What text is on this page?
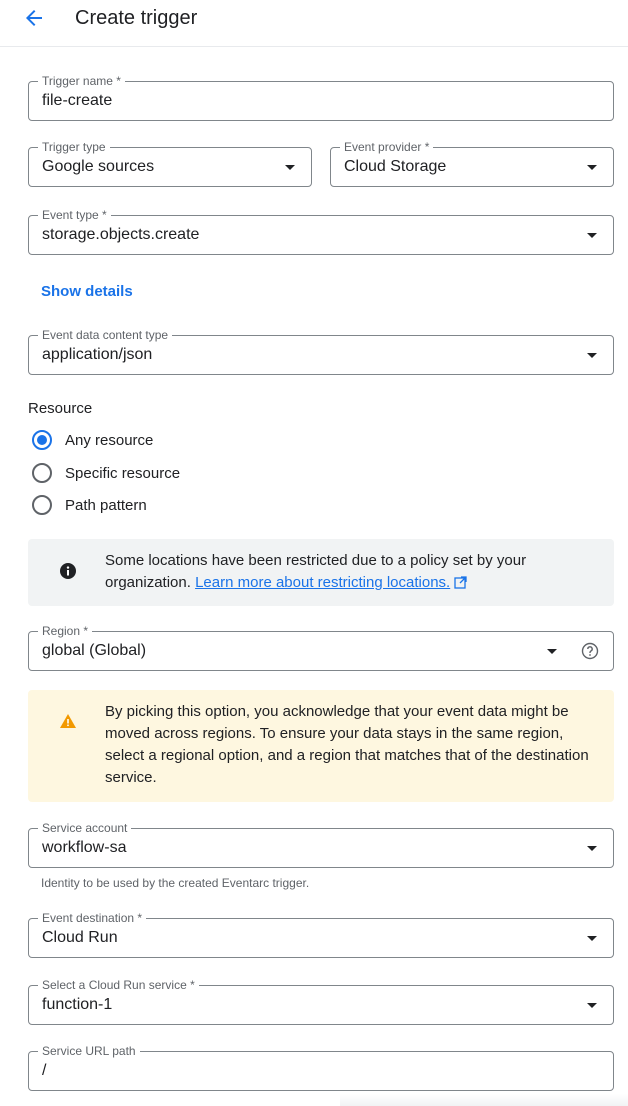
Create trigger
Trigger name *
file-create
Trigger type
Google sources
Event provider *
Cloud Storage
Event type *
storage.objects.create
Show details
Event data content type
application/json
Resource
Any resource
Specific resource
Path pattern
Some locations have been restricted due to a policy set by your organization. Learn more about restricting locations.
Region *
global (Global)
By picking this option, you acknowledge that your event data might be moved across regions. To ensure your data stays in the same region, select a regional option, and a region that matches that of the destination service.
Service account
workflow-sa
Identity to be used by the created Eventarc trigger.
Event destination *
Cloud Run
Select a Cloud Run service *
function-1
Service URL path
/
